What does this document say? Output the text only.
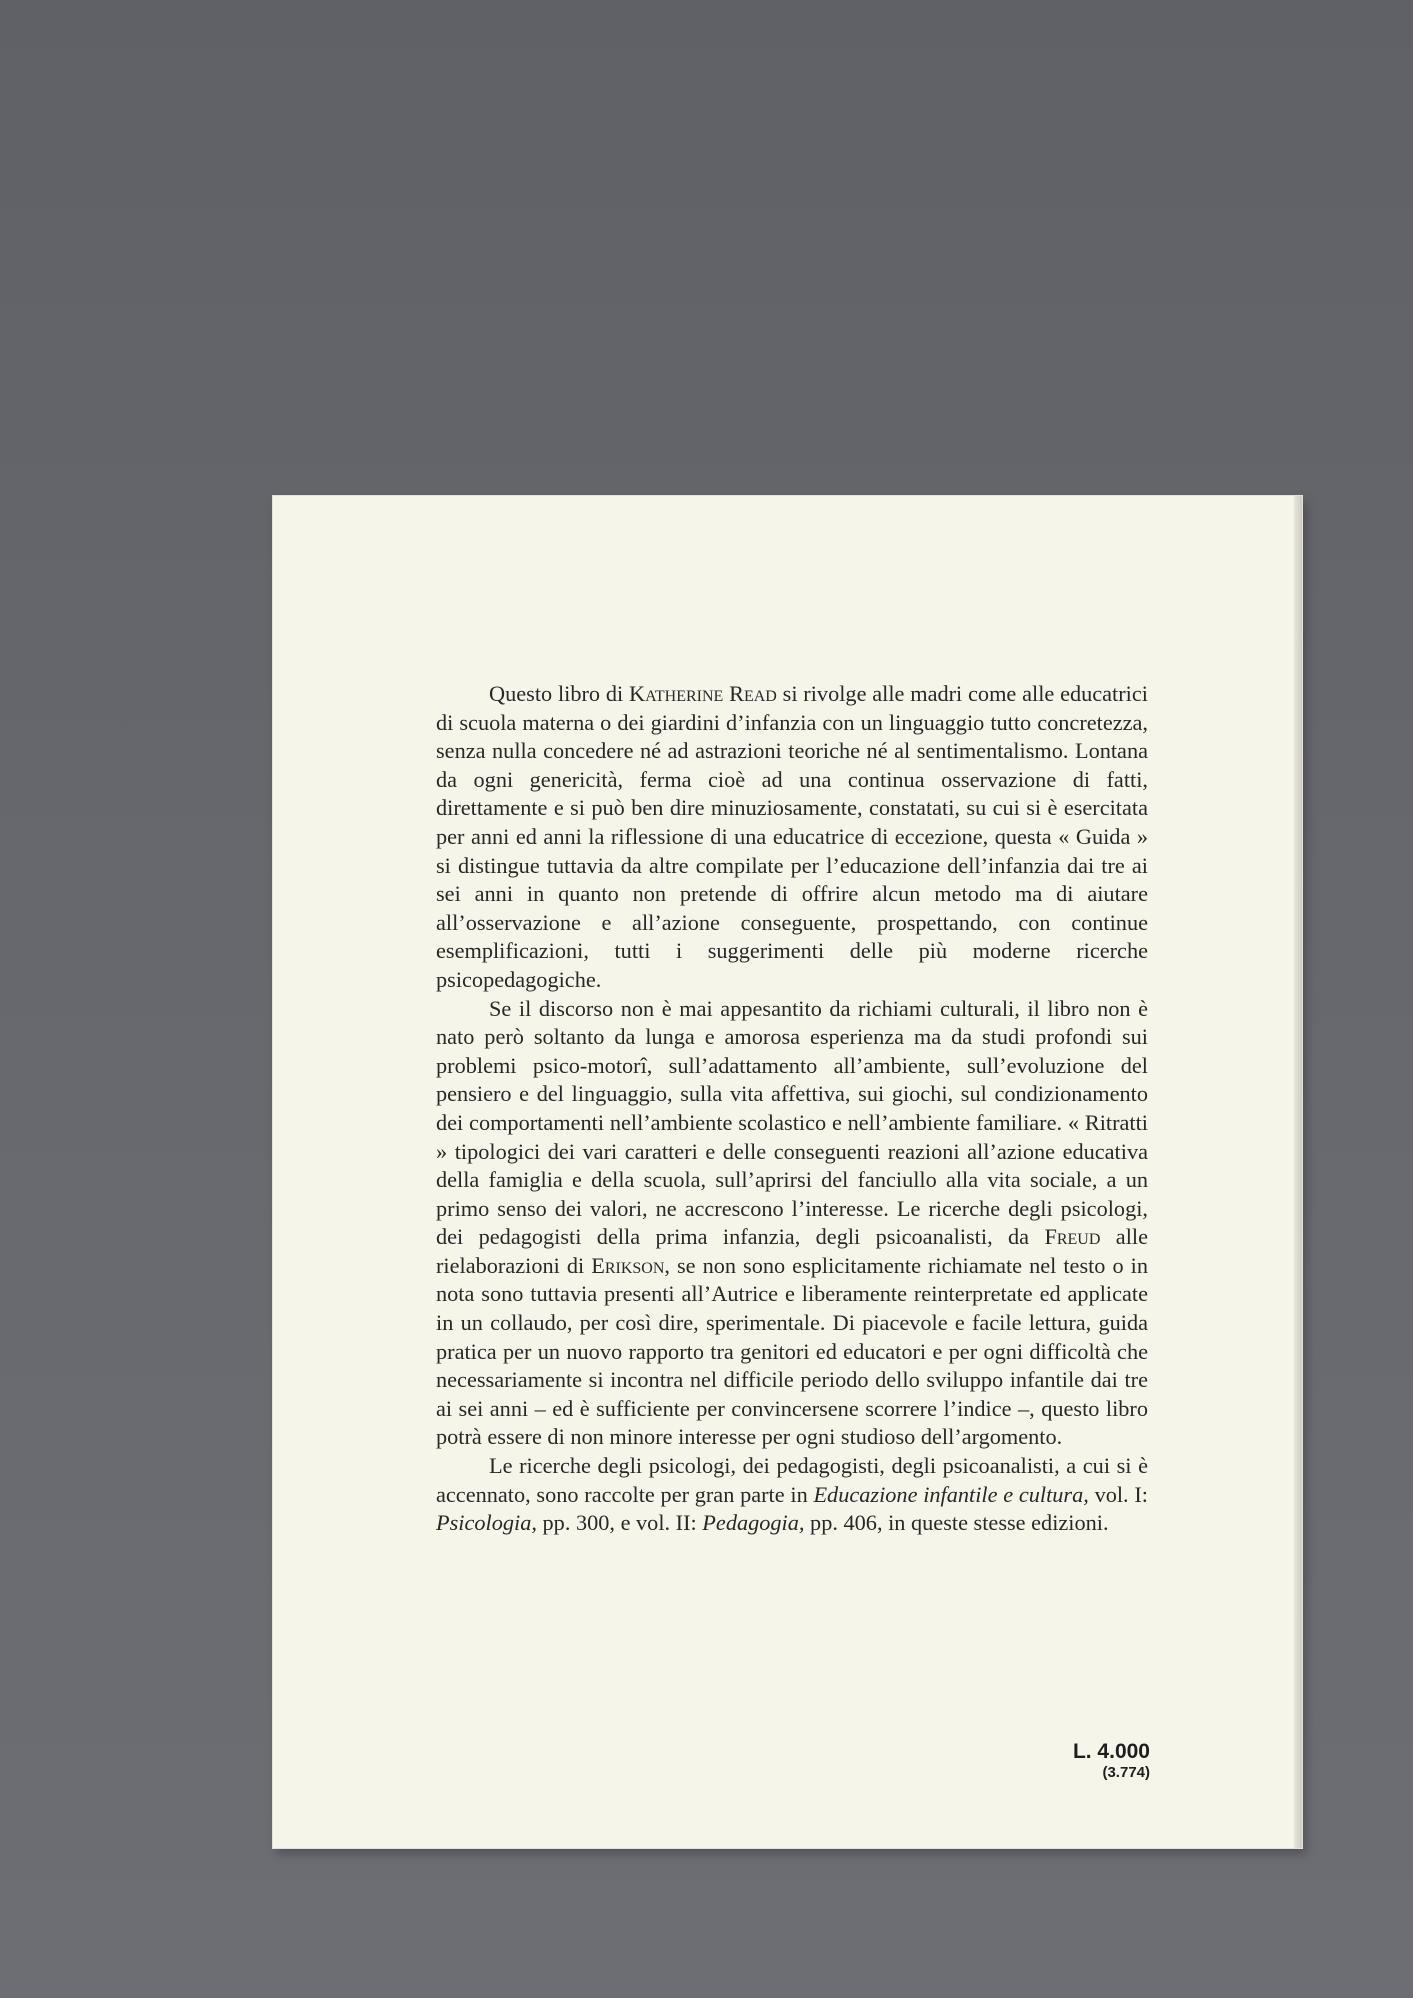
Questo libro di Katherine Read si rivolge alle madri come alle educatrici di scuola materna o dei giardini d’infanzia con un linguaggio tutto concretezza, senza nulla concedere né ad astrazioni teoriche né al sentimentalismo. Lontana da ogni genericità, ferma cioè ad una continua osservazione di fatti, direttamente e si può ben dire minuziosamente, constatati, su cui si è esercitata per anni ed anni la riflessione di una educatrice di eccezione, questa « Guida » si distingue tuttavia da altre compilate per l’educazione dell’infanzia dai tre ai sei anni in quanto non pretende di offrire alcun metodo ma di aiutare all’osservazione e all’azione conseguente, prospettando, con continue esemplificazioni, tutti i suggerimenti delle più moderne ricerche psicopedagogiche.

Se il discorso non è mai appesantito da richiami culturali, il libro non è nato però soltanto da lunga e amorosa esperienza ma da studi profondi sui problemi psico-motorî, sull’adattamento all’ambiente, sull’evoluzione del pensiero e del linguaggio, sulla vita affettiva, sui giochi, sul condizionamento dei comportamenti nell’ambiente scolastico e nell’ambiente familiare. « Ritratti » tipologici dei vari caratteri e delle conseguenti reazioni all’azione educativa della famiglia e della scuola, sull’aprirsi del fanciullo alla vita sociale, a un primo senso dei valori, ne accrescono l’interesse. Le ricerche degli psicologi, dei pedagogisti della prima infanzia, degli psicoanalisti, da Freud alle rielaborazioni di Erikson, se non sono esplicitamente richiamate nel testo o in nota sono tuttavia presenti all’Autrice e liberamente reinterpretate ed applicate in un collaudo, per così dire, sperimentale. Di piacevole e facile lettura, guida pratica per un nuovo rapporto tra genitori ed educatori e per ogni difficoltà che necessariamente si incontra nel difficile periodo dello sviluppo infantile dai tre ai sei anni – ed è sufficiente per convincersene scorrere l’indice –, questo libro potrà essere di non minore interesse per ogni studioso dell’argomento.

Le ricerche degli psicologi, dei pedagogisti, degli psicoanalisti, a cui si è accennato, sono raccolte per gran parte in Educazione infantile e cultura, vol. I: Psicologia, pp. 300, e vol. II: Pedagogia, pp. 406, in queste stesse edizioni.

L. 4.000
(3.774)
